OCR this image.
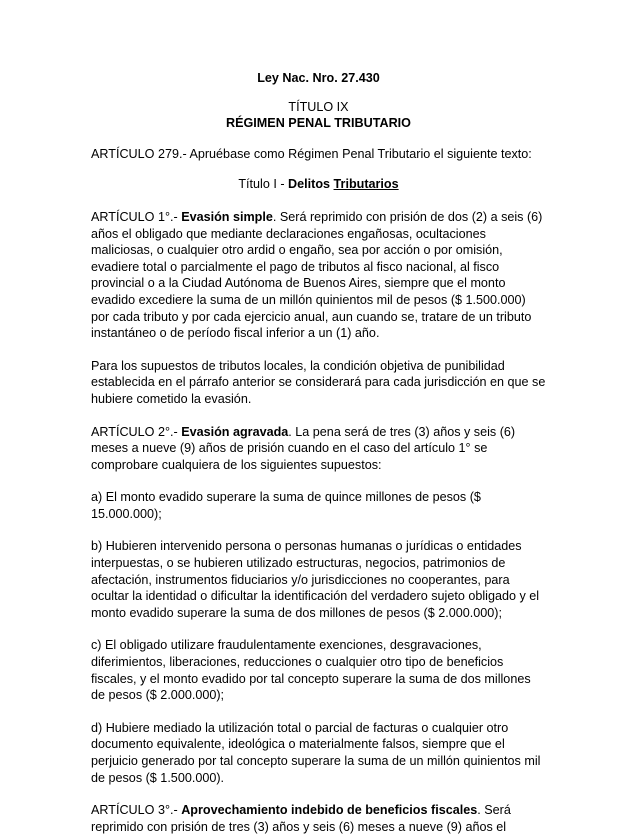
Ley Nac. Nro. 27.430

TÍTULO IX

RÉGIMEN PENAL TRIBUTARIO

ARTÍCULO 279.- Apruébase como Régimen Penal Tributario el siguiente texto:

Título I - Delitos Tributarios

ARTÍCULO 1°.- Evasión simple. Será reprimido con prisión de dos (2) a seis (6) años el obligado que mediante declaraciones engañosas, ocultaciones maliciosas, o cualquier otro ardid o engaño, sea por acción o por omisión, evadiere total o parcialmente el pago de tributos al fisco nacional, al fisco provincial o a la Ciudad Autónoma de Buenos Aires, siempre que el monto evadido excediere la suma de un millón quinientos mil de pesos ($ 1.500.000) por cada tributo y por cada ejercicio anual, aun cuando se, tratare de un tributo instantáneo o de período fiscal inferior a un (1) año.

Para los supuestos de tributos locales, la condición objetiva de punibilidad establecida en el párrafo anterior se considerará para cada jurisdicción en que se hubiere cometido la evasión.

ARTÍCULO 2°.- Evasión agravada. La pena será de tres (3) años y seis (6) meses a nueve (9) años de prisión cuando en el caso del artículo 1° se comprobare cualquiera de los siguientes supuestos:

a) El monto evadido superare la suma de quince millones de pesos ($ 15.000.000);

b) Hubieren intervenido persona o personas humanas o jurídicas o entidades interpuestas, o se hubieren utilizado estructuras, negocios, patrimonios de afectación, instrumentos fiduciarios y/o jurisdicciones no cooperantes, para ocultar la identidad o dificultar la identificación del verdadero sujeto obligado y el monto evadido superare la suma de dos millones de pesos ($ 2.000.000);

c) El obligado utilizare fraudulentamente exenciones, desgravaciones, diferimientos, liberaciones, reducciones o cualquier otro tipo de beneficios fiscales, y el monto evadido por tal concepto superare la suma de dos millones de pesos ($ 2.000.000);

d) Hubiere mediado la utilización total o parcial de facturas o cualquier otro documento equivalente, ideológica o materialmente falsos, siempre que el perjuicio generado por tal concepto superare la suma de un millón quinientos mil de pesos ($ 1.500.000).

ARTÍCULO 3°.- Aprovechamiento indebido de beneficios fiscales. Será reprimido con prisión de tres (3) años y seis (6) meses a nueve (9) años el
